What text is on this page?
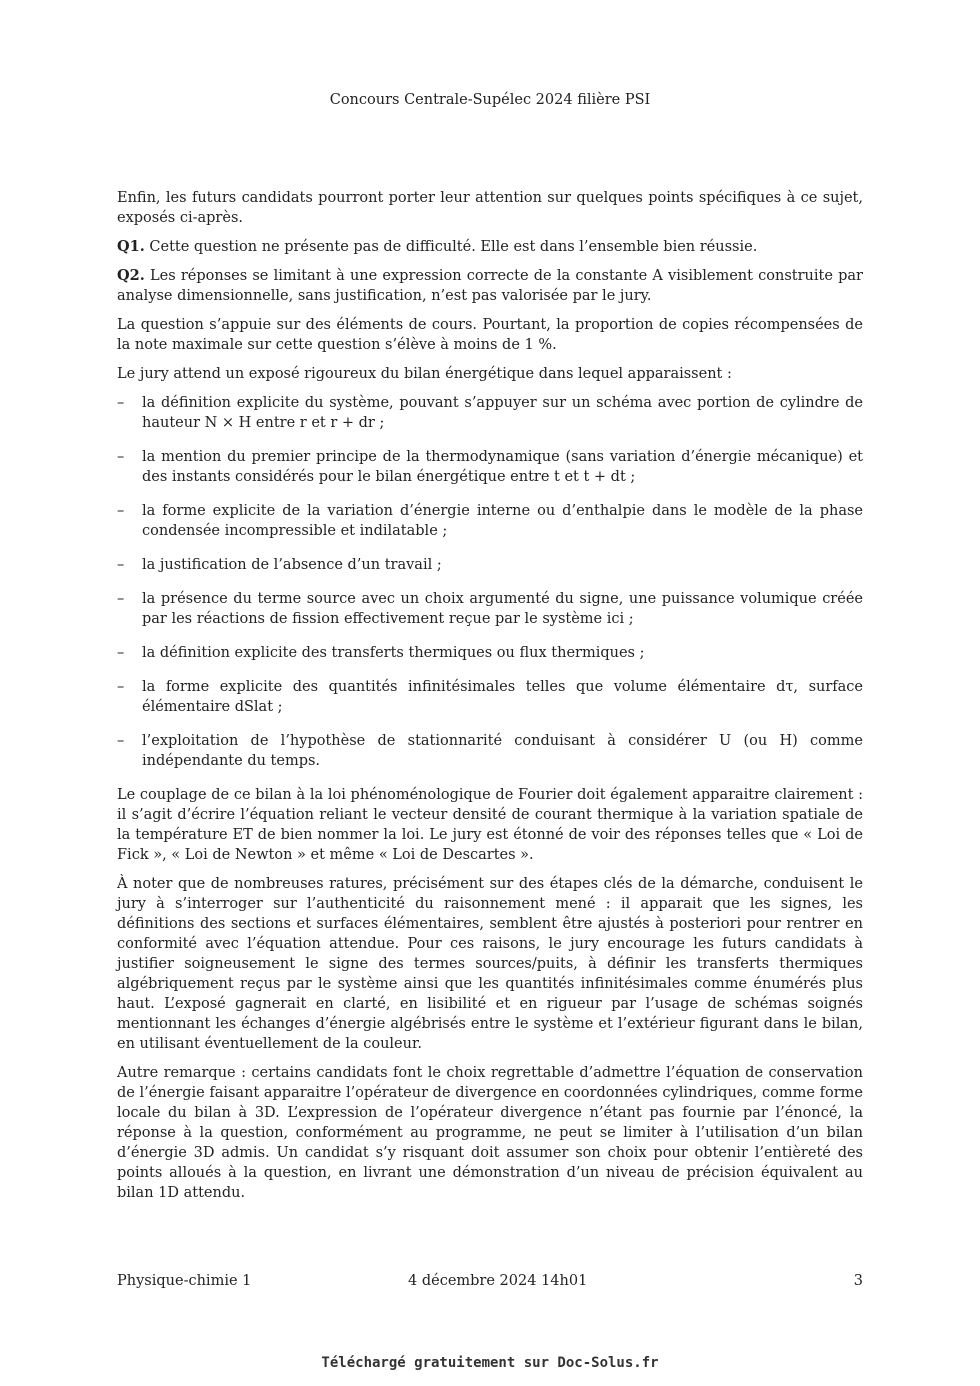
Concours Centrale-Supélec 2024 filière PSI

Enfin, les futurs candidats pourront porter leur attention sur quelques points spécifiques à ce sujet, exposés ci-après.

Q1. Cette question ne présente pas de difficulté. Elle est dans l’ensemble bien réussie.

Q2. Les réponses se limitant à une expression correcte de la constante A visiblement construite par analyse dimensionnelle, sans justification, n’est pas valorisée par le jury.

La question s’appuie sur des éléments de cours. Pourtant, la proportion de copies récompensées de la note maximale sur cette question s’élève à moins de 1 %.

Le jury attend un exposé rigoureux du bilan énergétique dans lequel apparaissent :

– la définition explicite du système, pouvant s’appuyer sur un schéma avec portion de cylindre de hauteur N × H entre r et r + dr ;
– la mention du premier principe de la thermodynamique (sans variation d’énergie mécanique) et des instants considérés pour le bilan énergétique entre t et t + dt ;
– la forme explicite de la variation d’énergie interne ou d’enthalpie dans le modèle de la phase condensée incompressible et indilatable ;
– la justification de l’absence d’un travail ;
– la présence du terme source avec un choix argumenté du signe, une puissance volumique créée par les réactions de fission effectivement reçue par le système ici ;
– la définition explicite des transferts thermiques ou flux thermiques ;
– la forme explicite des quantités infinitésimales telles que volume élémentaire dτ, surface élémentaire dSlat ;
– l’exploitation de l’hypothèse de stationnarité conduisant à considérer U (ou H) comme indépendante du temps.

Le couplage de ce bilan à la loi phénoménologique de Fourier doit également apparaitre clairement : il s’agit d’écrire l’équation reliant le vecteur densité de courant thermique à la variation spatiale de la température ET de bien nommer la loi. Le jury est étonné de voir des réponses telles que « Loi de Fick », « Loi de Newton » et même « Loi de Descartes ».

À noter que de nombreuses ratures, précisément sur des étapes clés de la démarche, conduisent le jury à s’interroger sur l’authenticité du raisonnement mené : il apparait que les signes, les définitions des sections et surfaces élémentaires, semblent être ajustés à posteriori pour rentrer en conformité avec l’équation attendue. Pour ces raisons, le jury encourage les futurs candidats à justifier soigneusement le signe des termes sources/puits, à définir les transferts thermiques algébriquement reçus par le système ainsi que les quantités infinitésimales comme énumérés plus haut. L’exposé gagnerait en clarté, en lisibilité et en rigueur par l’usage de schémas soignés mentionnant les échanges d’énergie algébrisés entre le système et l’extérieur figurant dans le bilan, en utilisant éventuellement de la couleur.

Autre remarque : certains candidats font le choix regrettable d’admettre l’équation de conservation de l’énergie faisant apparaitre l’opérateur de divergence en coordonnées cylindriques, comme forme locale du bilan à 3D. L’expression de l’opérateur divergence n’étant pas fournie par l’énoncé, la réponse à la question, conformément au programme, ne peut se limiter à l’utilisation d’un bilan d’énergie 3D admis. Un candidat s’y risquant doit assumer son choix pour obtenir l’entièreté des points alloués à la question, en livrant une démonstration d’un niveau de précision équivalent au bilan 1D attendu.

Physique-chimie 1	4 décembre 2024 14h01	3
Téléchargé gratuitement sur Doc-Solus.fr
